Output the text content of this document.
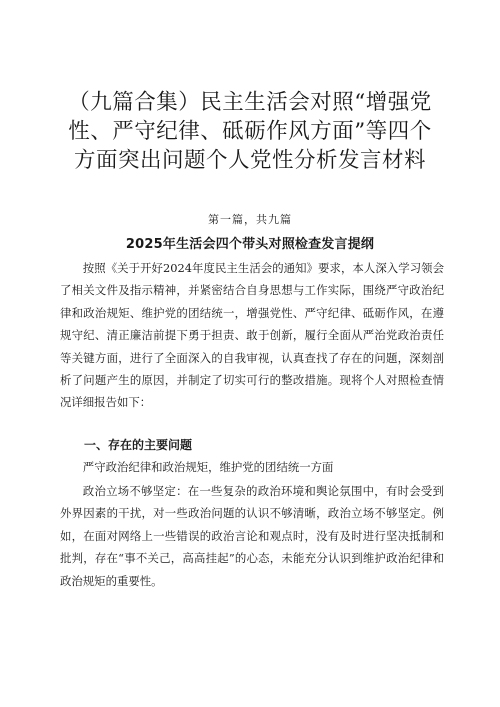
（九篇合集）民主生活会对照“增强党性、严守纪律、砥砺作风方面”等四个方面突出问题个人党性分析发言材料
第一篇，共九篇
2025年生活会四个带头对照检查发言提纲
按照《关于开好2024年度民主生活会的通知》要求，本人深入学习领会了相关文件及指示精神，并紧密结合自身思想与工作实际，围绕严守政治纪律和政治规矩、维护党的团结统一，增强党性、严守纪律、砥砺作风，在遵规守纪、清正廉洁前提下勇于担责、敢于创新，履行全面从严治党政治责任等关键方面，进行了全面深入的自我审视，认真查找了存在的问题，深刻剖析了问题产生的原因，并制定了切实可行的整改措施。现将个人对照检查情况详细报告如下：
一、存在的主要问题
严守政治纪律和政治规矩，维护党的团结统一方面
政治立场不够坚定：在一些复杂的政治环境和舆论氛围中，有时会受到外界因素的干扰，对一些政治问题的认识不够清晰，政治立场不够坚定。例如，在面对网络上一些错误的政治言论和观点时，没有及时进行坚决抵制和批判，存在“事不关己，高高挂起”的心态，未能充分认识到维护政治纪律和政治规矩的重要性。
